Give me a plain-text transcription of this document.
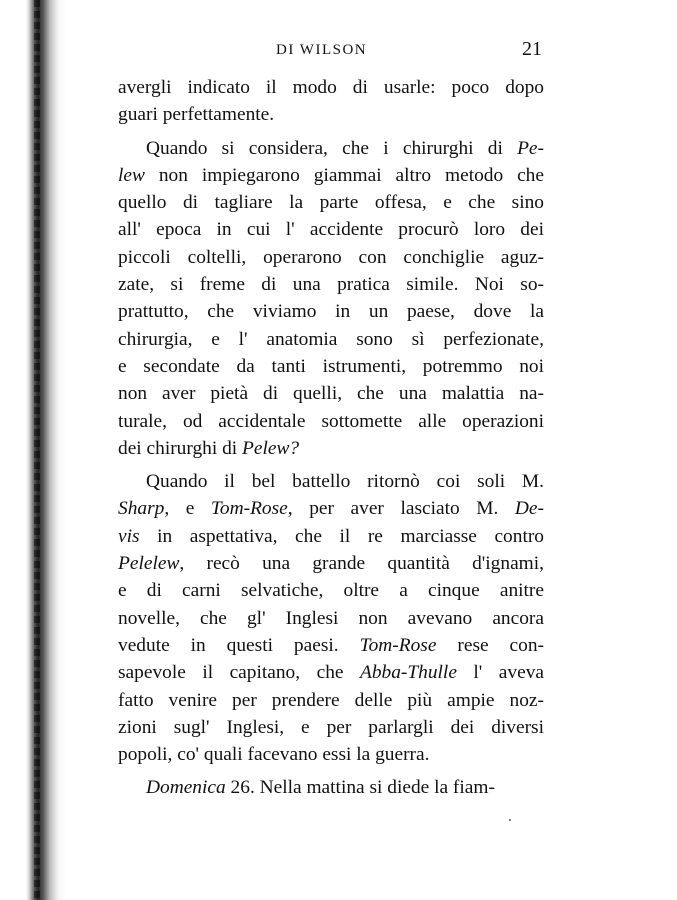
DI WILSON	21
avergli indicato il modo di usarle: poco dopo
guari perfettamente.
Quando si considera, che i chirurghi di Pe-
lew non impiegarono giammai altro metodo che
quello di tagliare la parte offesa, e che sino
all' epoca in cui l' accidente procurò loro dei
piccoli coltelli, operarono con conchiglie aguz-
zate, si freme di una pratica simile. Noi so-
prattutto, che viviamo in un paese, dove la
chirurgia, e l' anatomia sono sì perfezionate,
e secondate da tanti istrumenti, potremmo noi
non aver pietà di quelli, che una malattia na-
turale, od accidentale sottomette alle operazioni
dei chirurghi di Pelew?
Quando il bel battello ritornò coi soli M.
Sharp, e Tom-Rose, per aver lasciato M. De-
vis in aspettativa, che il re marciasse contro
Pelelew, recò una grande quantità d'ignami,
e di carni selvatiche, oltre a cinque anitre
novelle, che gl' Inglesi non avevano ancora
vedute in questi paesi. Tom-Rose rese con-
sapevole il capitano, che Abba-Thulle l' aveva
fatto venire per prendere delle più ampie noz-
zioni sugl' Inglesi, e per parlargli dei diversi
popoli, co' quali facevano essi la guerra.
Domenica 26. Nella mattina si diede la fiam-
